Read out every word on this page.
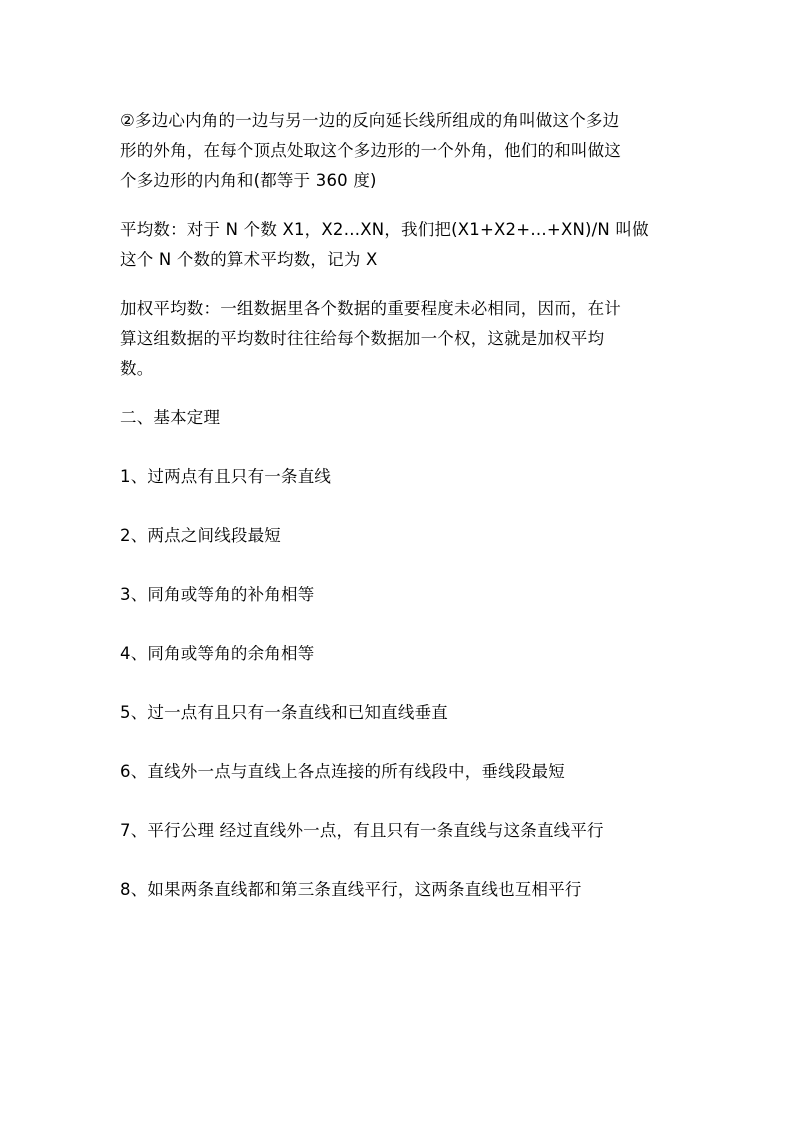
②多边心内角的一边与另一边的反向延长线所组成的角叫做这个多边
形的外角，在每个顶点处取这个多边形的一个外角，他们的和叫做这
个多边形的内角和(都等于 360 度)

平均数：对于 N 个数 X1，X2…XN，我们把(X1+X2+…+XN)/N 叫做
这个 N 个数的算术平均数，记为 X

加权平均数：一组数据里各个数据的重要程度未必相同，因而，在计
算这组数据的平均数时往往给每个数据加一个权，这就是加权平均
数。

二、基本定理

1、过两点有且只有一条直线

2、两点之间线段最短

3、同角或等角的补角相等

4、同角或等角的余角相等

5、过一点有且只有一条直线和已知直线垂直

6、直线外一点与直线上各点连接的所有线段中，垂线段最短

7、平行公理 经过直线外一点，有且只有一条直线与这条直线平行

8、如果两条直线都和第三条直线平行，这两条直线也互相平行
